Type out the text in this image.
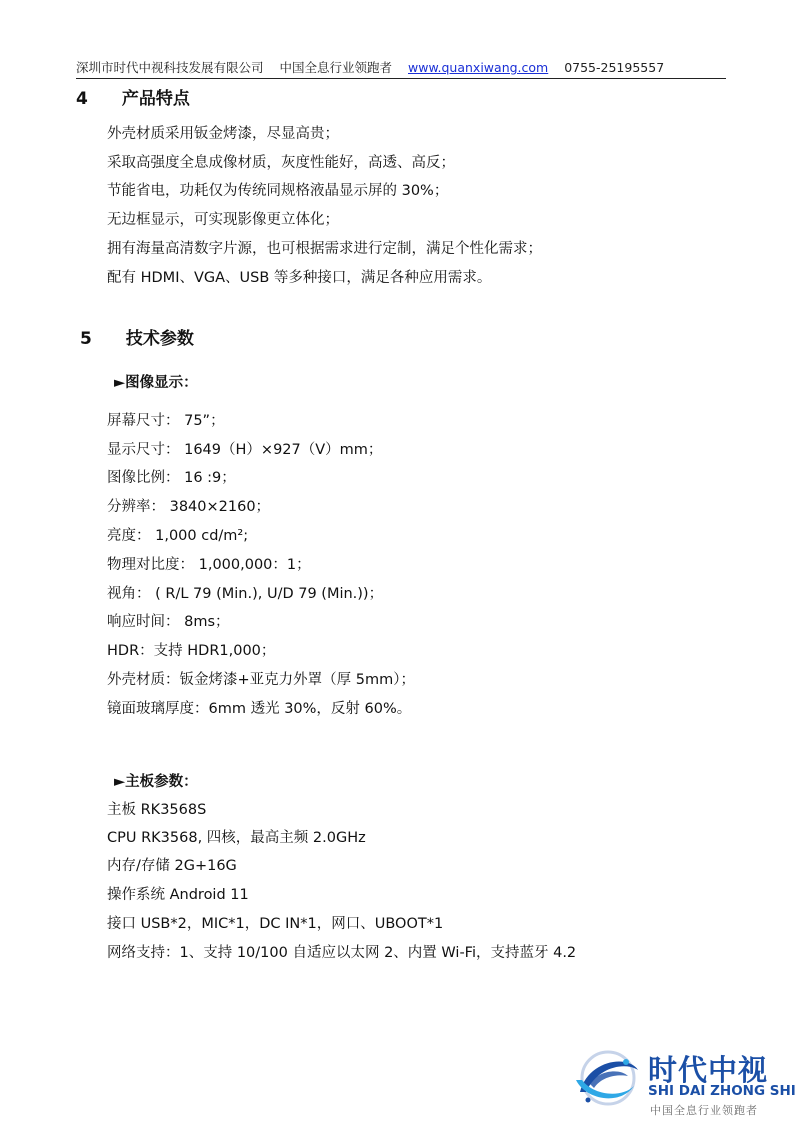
深圳市时代中视科技发展有限公司 中国全息行业领跑者 www.quanxiwang.com 0755-25195557
4 产品特点
外壳材质采用钣金烤漆，尽显高贵；
采取高强度全息成像材质，灰度性能好，高透、高反；
节能省电，功耗仅为传统同规格液晶显示屏的 30%；
无边框显示，可实现影像更立体化；
拥有海量高清数字片源，也可根据需求进行定制，满足个性化需求；
配有 HDMI、VGA、USB 等多种接口，满足各种应用需求。
5 技术参数
►图像显示：
屏幕尺寸： 75”；
显示尺寸： 1649（H）×927（V）mm；
图像比例： 16 :9；
分辨率： 3840×2160；
亮度： 1,000 cd/m²;
物理对比度： 1,000,000：1；
视角： ( R/L 79 (Min.), U/D 79 (Min.))；
响应时间： 8ms；
HDR：支持 HDR1,000；
外壳材质：钣金烤漆+亚克力外罩（厚 5mm）；
镜面玻璃厚度：6mm 透光 30%，反射 60%。
►主板参数：
主板 RK3568S
CPU RK3568, 四核，最高主频 2.0GHz
内存/存储 2G+16G
操作系统 Android 11
接口 USB*2，MIC*1，DC IN*1，网口、UBOOT*1
网络支持：1、支持 10/100 自适应以太网 2、内置 Wi-Fi，支持蓝牙 4.2
时代中视
SHI DAI ZHONG SHI
中国全息行业领跑者
